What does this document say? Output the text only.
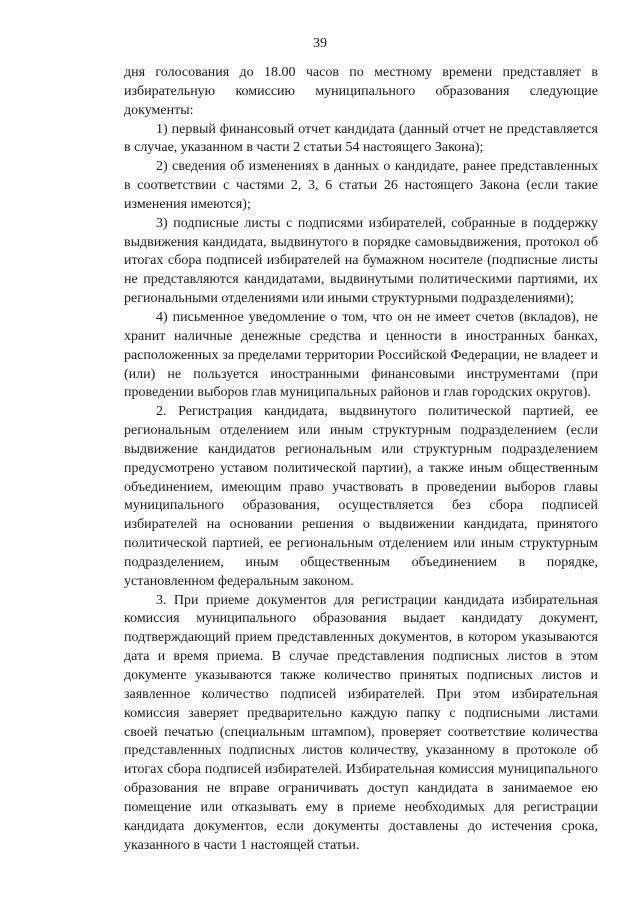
39

дня голосования до 18.00 часов по местному времени представляет в избирательную комиссию муниципального образования следующие документы:

1) первый финансовый отчет кандидата (данный отчет не представляется в случае, указанном в части 2 статьи 54 настоящего Закона);

2) сведения об изменениях в данных о кандидате, ранее представленных в соответствии с частями 2, 3, 6 статьи 26 настоящего Закона (если такие изменения имеются);

3) подписные листы с подписями избирателей, собранные в поддержку выдвижения кандидата, выдвинутого в порядке самовыдвижения, протокол об итогах сбора подписей избирателей на бумажном носителе (подписные листы не представляются кандидатами, выдвинутыми политическими партиями, их региональными отделениями или иными структурными подразделениями);

4) письменное уведомление о том, что он не имеет счетов (вкладов), не хранит наличные денежные средства и ценности в иностранных банках, расположенных за пределами территории Российской Федерации, не владеет и (или) не пользуется иностранными финансовыми инструментами (при проведении выборов глав муниципальных районов и глав городских округов).

2. Регистрация кандидата, выдвинутого политической партией, ее региональным отделением или иным структурным подразделением (если выдвижение кандидатов региональным или структурным подразделением предусмотрено уставом политической партии), а также иным общественным объединением, имеющим право участвовать в проведении выборов главы муниципального образования, осуществляется без сбора подписей избирателей на основании решения о выдвижении кандидата, принятого политической партией, ее региональным отделением или иным структурным подразделением, иным общественным объединением в порядке, установленном федеральным законом.

3. При приеме документов для регистрации кандидата избирательная комиссия муниципального образования выдает кандидату документ, подтверждающий прием представленных документов, в котором указываются дата и время приема. В случае представления подписных листов в этом документе указываются также количество принятых подписных листов и заявленное количество подписей избирателей. При этом избирательная комиссия заверяет предварительно каждую папку с подписными листами своей печатью (специальным штампом), проверяет соответствие количества представленных подписных листов количеству, указанному в протоколе об итогах сбора подписей избирателей. Избирательная комиссия муниципального образования не вправе ограничивать доступ кандидата в занимаемое ею помещение или отказывать ему в приеме необходимых для регистрации кандидата документов, если документы доставлены до истечения срока, указанного в части 1 настоящей статьи.
